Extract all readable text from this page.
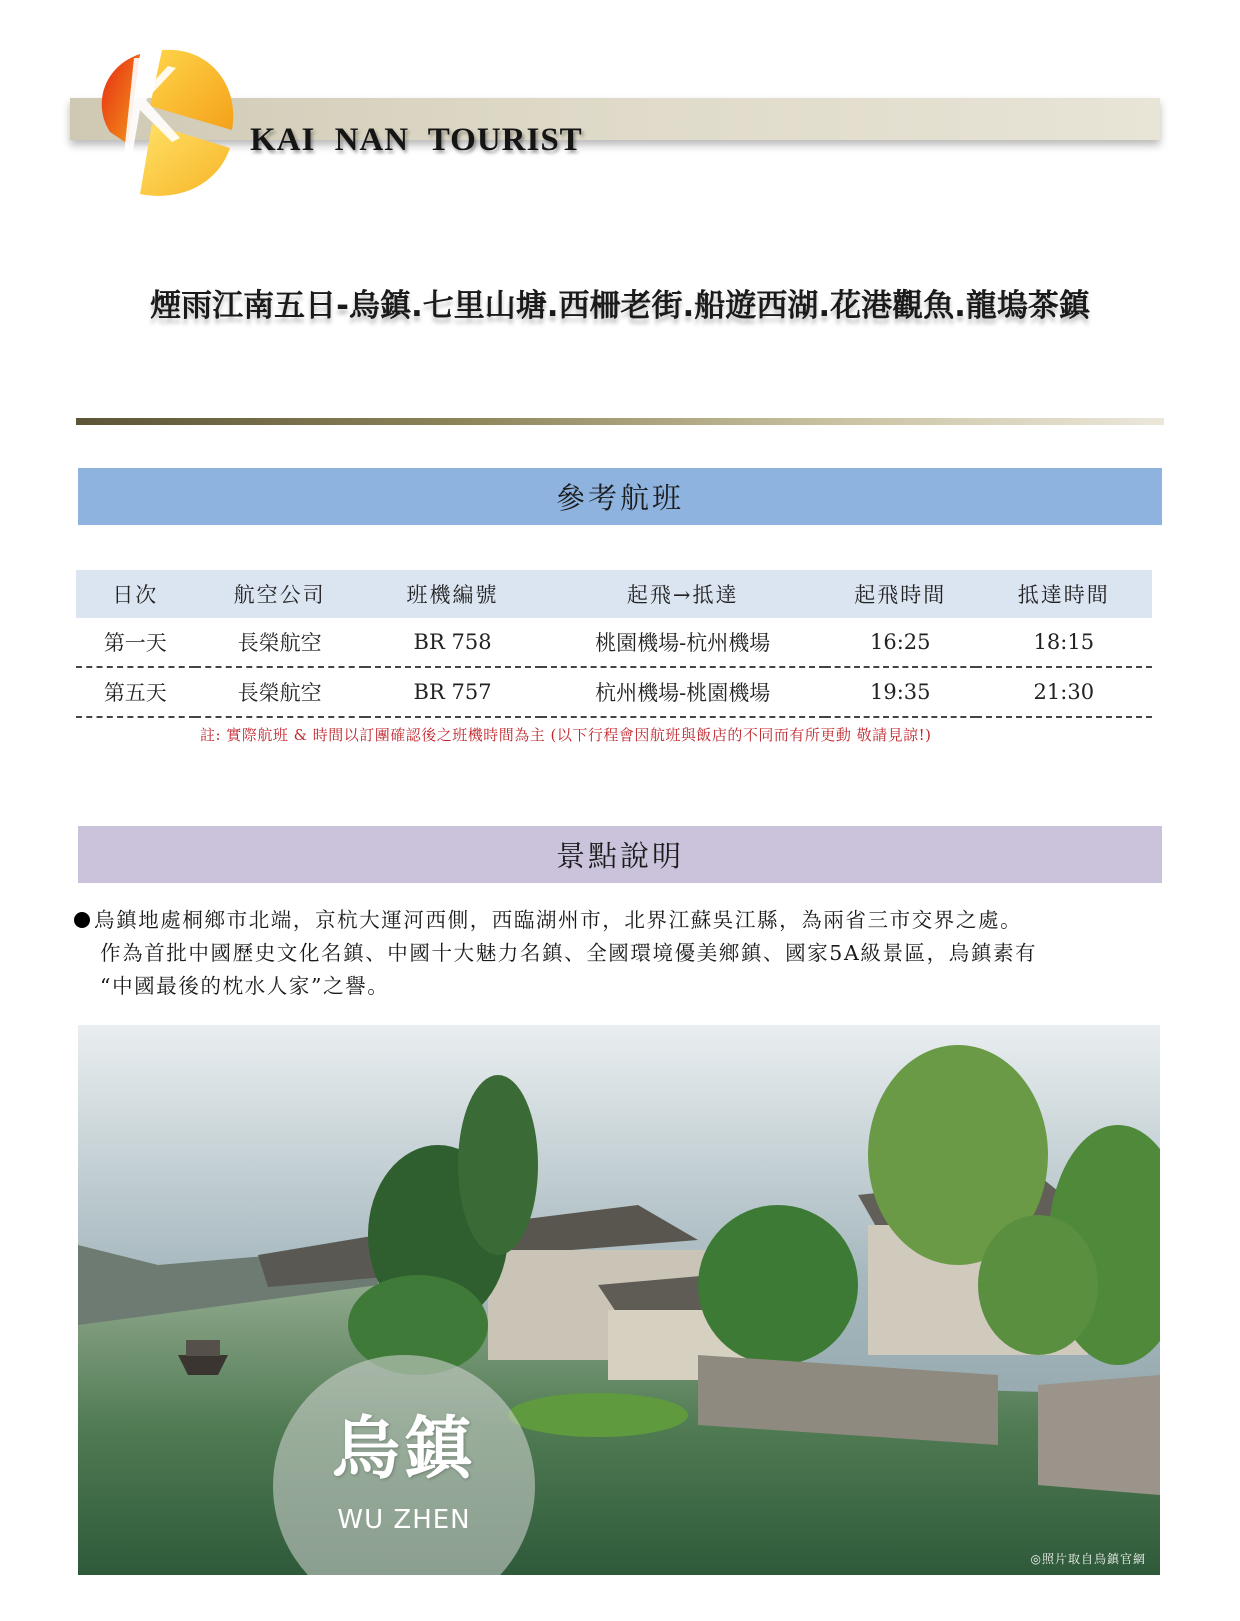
KAI NAN TOURIST
煙雨江南五日-烏鎮.七里山塘.西柵老街.船遊西湖.花港觀魚.龍塢茶鎮
參考航班
日次	航空公司	班機編號	起飛→抵達	起飛時間	抵達時間
第一天	長榮航空	BR 758	桃園機場-杭州機場	16:25	18:15
第五天	長榮航空	BR 757	杭州機場-桃園機場	19:35	21:30
註: 實際航班 & 時間以訂團確認後之班機時間為主 (以下行程會因航班與飯店的不同而有所更動 敬請見諒!)
景點說明
烏鎮地處桐鄉市北端，京杭大運河西側，西臨湖州市，北界江蘇吳江縣，為兩省三市交界之處。
作為首批中國歷史文化名鎮、中國十大魅力名鎮、全國環境優美鄉鎮、國家5A級景區，烏鎮素有
“中國最後的枕水人家”之譽。
烏鎮
WU ZHEN
◎照片取自烏鎮官網
